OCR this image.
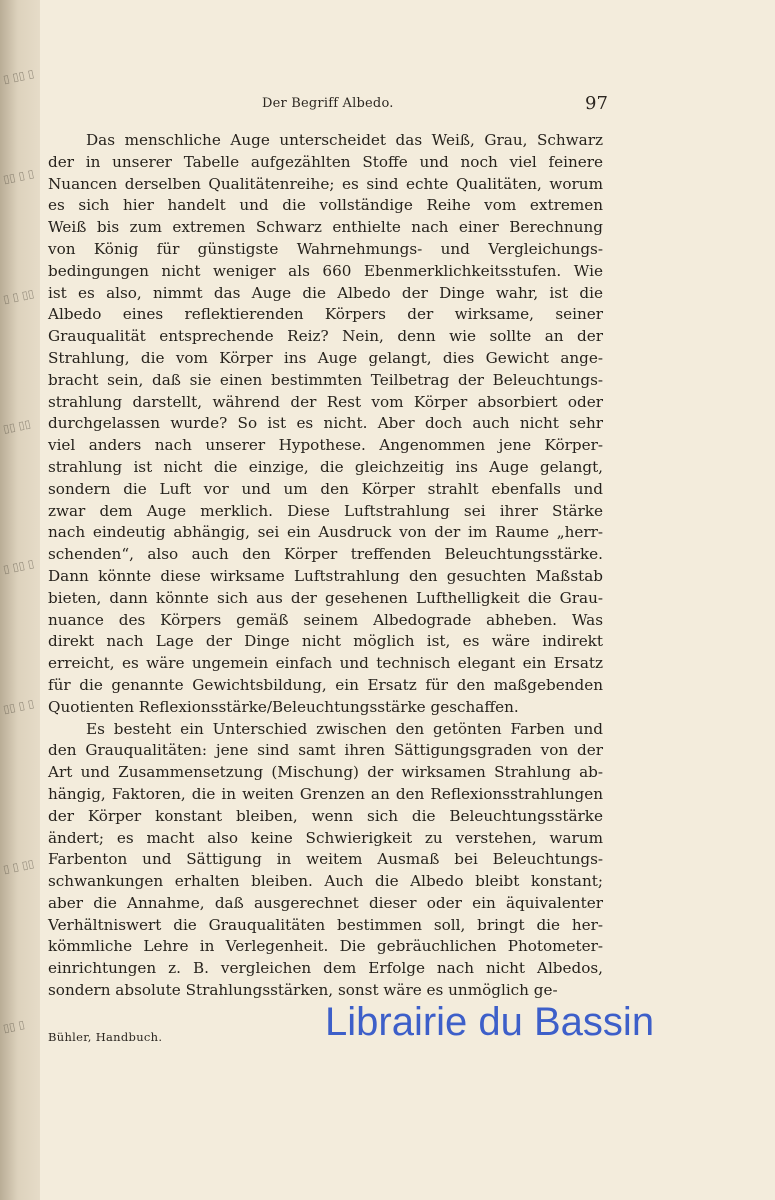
▯ ▯▯ ▯
▯▯ ▯ ▯
▯ ▯ ▯▯
▯▯ ▯▯
▯ ▯▯ ▯
▯▯ ▯ ▯
▯ ▯ ▯▯
▯▯ ▯
Der Begriff Albedo.	97
Das menschliche Auge unterscheidet das Weiß, Grau, Schwarz
der in unserer Tabelle aufgezählten Stoffe und noch viel feinere
Nuancen derselben Qualitätenreihe; es sind echte Qualitäten, worum
es sich hier handelt und die vollständige Reihe vom extremen
Weiß bis zum extremen Schwarz enthielte nach einer Berechnung
von König für günstigste Wahrnehmungs- und Vergleichungs-
bedingungen nicht weniger als 660 Ebenmerklichkeitsstufen. Wie
ist es also, nimmt das Auge die Albedo der Dinge wahr, ist die
Albedo eines reflektierenden Körpers der wirksame, seiner
Grauqualität entsprechende Reiz? Nein, denn wie sollte an der
Strahlung, die vom Körper ins Auge gelangt, dies Gewicht ange-
bracht sein, daß sie einen bestimmten Teilbetrag der Beleuchtungs-
strahlung darstellt, während der Rest vom Körper absorbiert oder
durchgelassen wurde? So ist es nicht. Aber doch auch nicht sehr
viel anders nach unserer Hypothese. Angenommen jene Körper-
strahlung ist nicht die einzige, die gleichzeitig ins Auge gelangt,
sondern die Luft vor und um den Körper strahlt ebenfalls und
zwar dem Auge merklich. Diese Luftstrahlung sei ihrer Stärke
nach eindeutig abhängig, sei ein Ausdruck von der im Raume „herr-
schenden“, also auch den Körper treffenden Beleuchtungsstärke.
Dann könnte diese wirksame Luftstrahlung den gesuchten Maßstab
bieten, dann könnte sich aus der gesehenen Lufthelligkeit die Grau-
nuance des Körpers gemäß seinem Albedograde abheben. Was
direkt nach Lage der Dinge nicht möglich ist, es wäre indirekt
erreicht, es wäre ungemein einfach und technisch elegant ein Ersatz
für die genannte Gewichtsbildung, ein Ersatz für den maßgebenden
Quotienten Reflexionsstärke/Beleuchtungsstärke geschaffen.
Es besteht ein Unterschied zwischen den getönten Farben und
den Grauqualitäten: jene sind samt ihren Sättigungsgraden von der
Art und Zusammensetzung (Mischung) der wirksamen Strahlung ab-
hängig, Faktoren, die in weiten Grenzen an den Reflexionsstrahlungen
der Körper konstant bleiben, wenn sich die Beleuchtungsstärke
ändert; es macht also keine Schwierigkeit zu verstehen, warum
Farbenton und Sättigung in weitem Ausmaß bei Beleuchtungs-
schwankungen erhalten bleiben. Auch die Albedo bleibt konstant;
aber die Annahme, daß ausgerechnet dieser oder ein äquivalenter
Verhältniswert die Grauqualitäten bestimmen soll, bringt die her-
kömmliche Lehre in Verlegenheit. Die gebräuchlichen Photometer-
einrichtungen z. B. vergleichen dem Erfolge nach nicht Albedos,
sondern absolute Strahlungsstärken, sonst wäre es unmöglich ge-
Bühler, Handbuch.	Librairie du Bassin
